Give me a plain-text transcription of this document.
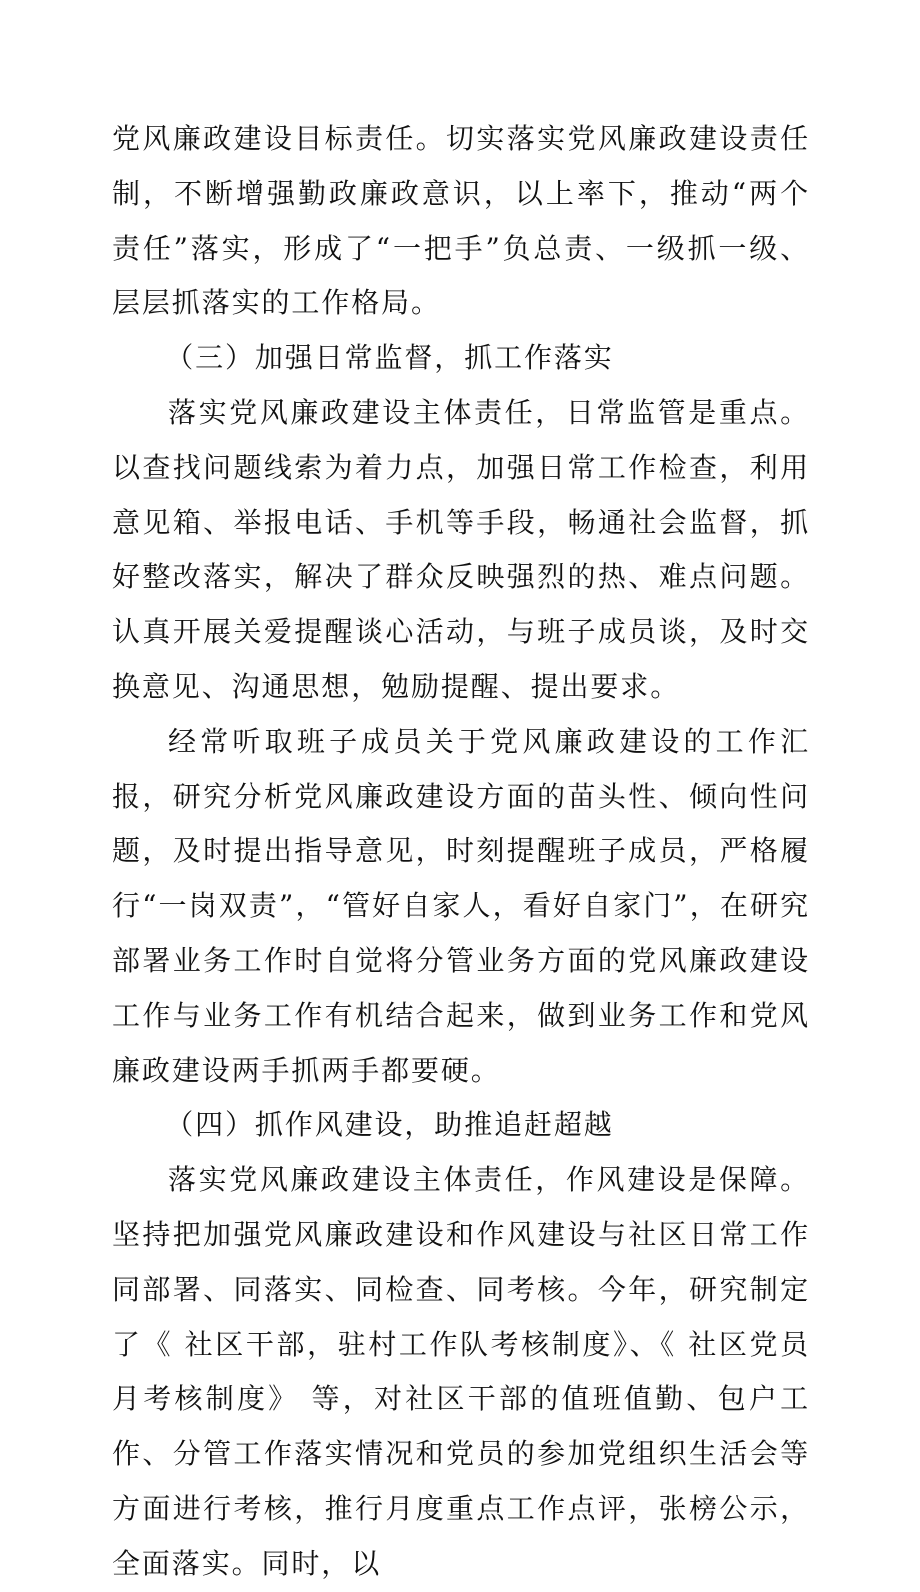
党风廉政建设目标责任。切实落实党风廉政建设责任制，不断增强勤政廉政意识，以上率下，推动“两个责任”落实，形成了“一把手”负总责、一级抓一级、层层抓落实的工作格局。

（三）加强日常监督，抓工作落实

落实党风廉政建设主体责任，日常监管是重点。以查找问题线索为着力点，加强日常工作检查，利用意见箱、举报电话、手机等手段，畅通社会监督，抓好整改落实，解决了群众反映强烈的热、难点问题。认真开展关爱提醒谈心活动，与班子成员谈，及时交换意见、沟通思想，勉励提醒、提出要求。

经常听取班子成员关于党风廉政建设的工作汇报，研究分析党风廉政建设方面的苗头性、倾向性问题，及时提出指导意见，时刻提醒班子成员，严格履行“一岗双责”，“管好自家人，看好自家门”，在研究部署业务工作时自觉将分管业务方面的党风廉政建设工作与业务工作有机结合起来，做到业务工作和党风廉政建设两手抓两手都要硬。

（四）抓作风建设，助推追赶超越

落实党风廉政建设主体责任，作风建设是保障。坚持把加强党风廉政建设和作风建设与社区日常工作同部署、同落实、同检查、同考核。今年，研究制定了《 社区干部，驻村工作队考核制度》、《 社区党员月考核制度》 等，对社区干部的值班值勤、包户工作、分管工作落实情况和党员的参加党组织生活会等方面进行考核，推行月度重点工作点评，张榜公示，全面落实。同时，以
